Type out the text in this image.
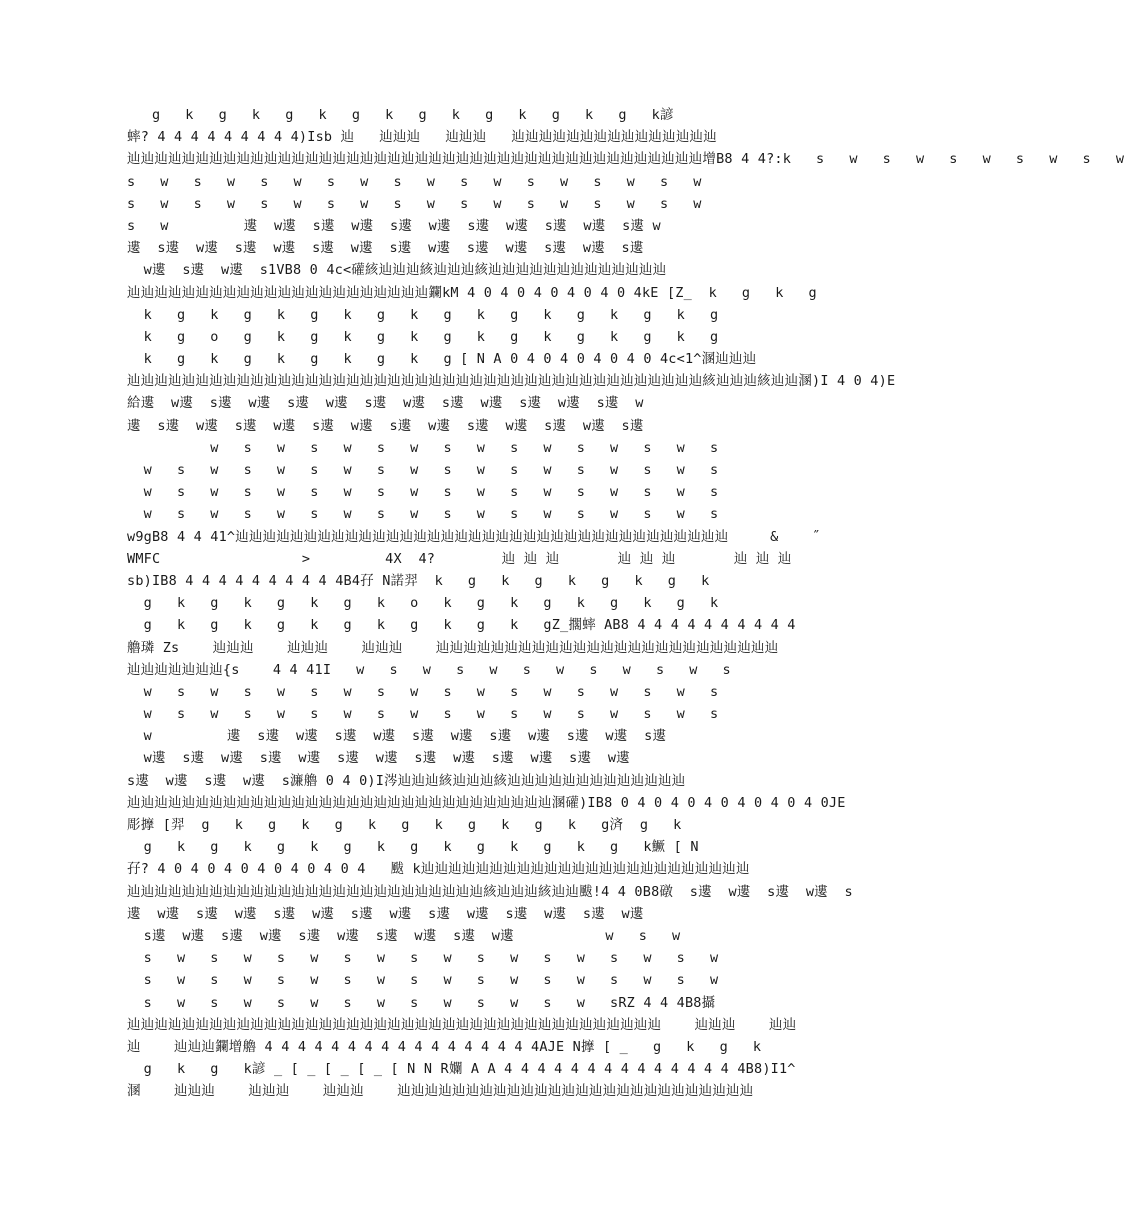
g   k   g   k   g   k   g   k   g   k   g   k   g   k   g   k諺
蟀? 4 4 4 4 4 4 4 4 4)Isb 辿   辿辿辿   辿辿辿   辿辿辿辿辿辿辿辿辿辿辿辿辿辿辿
辿辿辿辿辿辿辿辿辿辿辿辿辿辿辿辿辿辿辿辿辿辿辿辿辿辿辿辿辿辿辿辿辿辿辿辿辿辿辿辿辿辿增B8 4 4?:k   s   w   s   w   s   w   s   w   s   w
s   w   s   w   s   w   s   w   s   w   s   w   s   w   s   w   s   w
s   w   s   w   s   w   s   w   s   w   s   w   s   w   s   w   s   w
s   w         遱  w遱  s遱  w遱  s遱  w遱  s遱  w遱  s遱  w遱  s遱 w
遱  s遱  w遱  s遱  w遱  s遱  w遱  s遱  w遱  s遱  w遱  s遱  w遱  s遱
w遱  s遱  w遱  s1VB8 0 4c<礶絯辿辿辿絯辿辿辿絯辿辿辿辿辿辿辿辿辿辿辿辿辿
辿辿辿辿辿辿辿辿辿辿辿辿辿辿辿辿辿辿辿辿辿辿鑭kM 4 0 4 0 4 0 4 0 4 0 4kE [Z_  k   g   k   g
k   g   k   g   k   g   k   g   k   g   k   g   k   g   k   g   k   g
k   g   o   g   k   g   k   g   k   g   k   g   k   g   k   g   k   g
k   g   k   g   k   g   k   g   k   g [ N A 0 4 0 4 0 4 0 4 0 4c<1^溷辿辿辿
辿辿辿辿辿辿辿辿辿辿辿辿辿辿辿辿辿辿辿辿辿辿辿辿辿辿辿辿辿辿辿辿辿辿辿辿辿辿辿辿辿辿絯辿辿辿絯辿辿溷)I 4 0 4)E
給遱  w遱  s遱  w遱  s遱  w遱  s遱  w遱  s遱  w遱  s遱  w遱  s遱  w
遱  s遱  w遱  s遱  w遱  s遱  w遱  s遱  w遱  s遱  w遱  s遱  w遱  s遱
w   s   w   s   w   s   w   s   w   s   w   s   w   s   w   s
w   s   w   s   w   s   w   s   w   s   w   s   w   s   w   s   w   s
w   s   w   s   w   s   w   s   w   s   w   s   w   s   w   s   w   s
w   s   w   s   w   s   w   s   w   s   w   s   w   s   w   s   w   s
w9gB8 4 4 41^辿辿辿辿辿辿辿辿辿辿辿辿辿辿辿辿辿辿辿辿辿辿辿辿辿辿辿辿辿辿辿辿辿辿辿辿     &    ˝
WMFC                 >         4X  4?        辿 辿 辿       辿 辿 辿       辿 辿 辿
sb)IB8 4 4 4 4 4 4 4 4 4 4B4孖 N諾羿  k   g   k   g   k   g   k   g   k
g   k   g   k   g   k   g   k   o   k   g   k   g   k   g   k   g   k
g   k   g   k   g   k   g   k   g   k   g   k   gZ_擱蟀 AB8 4 4 4 4 4 4 4 4 4 4
艪璘 Zs    辿辿辿    辿辿辿    辿辿辿    辿辿辿辿辿辿辿辿辿辿辿辿辿辿辿辿辿辿辿辿辿辿辿辿辿
辿辿辿辿辿辿辿{s    4 4 41I   w   s   w   s   w   s   w   s   w   s   w   s
w   s   w   s   w   s   w   s   w   s   w   s   w   s   w   s   w   s
w   s   w   s   w   s   w   s   w   s   w   s   w   s   w   s   w   s
w         遱  s遱  w遱  s遱  w遱  s遱  w遱  s遱  w遱  s遱  w遱  s遱
w遱  s遱  w遱  s遱  w遱  s遱  w遱  s遱  w遱  s遱  w遱  s遱  w遱
s遱  w遱  s遱  w遱  s濂艪 0 4 0)I涔辿辿辿絯辿辿辿絯辿辿辿辿辿辿辿辿辿辿辿辿辿
辿辿辿辿辿辿辿辿辿辿辿辿辿辿辿辿辿辿辿辿辿辿辿辿辿辿辿辿辿辿辿溷礶)IB8 0 4 0 4 0 4 0 4 0 4 0 4 0JE
彫擵 [羿  g   k   g   k   g   k   g   k   g   k   g   k   g済  g   k
g   k   g   k   g   k   g   k   g   k   g   k   g   k   g   k鱖 [ N
孖? 4 0 4 0 4 0 4 0 4 0 4 0 4   颰 k辿辿辿辿辿辿辿辿辿辿辿辿辿辿辿辿辿辿辿辿辿辿辿辿
辿辿辿辿辿辿辿辿辿辿辿辿辿辿辿辿辿辿辿辿辿辿辿辿辿辿絯辿辿辿絯辿辿颰!4 4 0B8礅  s遱  w遱  s遱  w遱  s
遱  w遱  s遱  w遱  s遱  w遱  s遱  w遱  s遱  w遱  s遱  w遱  s遱  w遱
s遱  w遱  s遱  w遱  s遱  w遱  s遱  w遱  s遱  w遱           w   s   w
s   w   s   w   s   w   s   w   s   w   s   w   s   w   s   w   s   w
s   w   s   w   s   w   s   w   s   w   s   w   s   w   s   w   s   w
s   w   s   w   s   w   s   w   s   w   s   w   s   w   sRZ 4 4 4B8攝
辿辿辿辿辿辿辿辿辿辿辿辿辿辿辿辿辿辿辿辿辿辿辿辿辿辿辿辿辿辿辿辿辿辿辿辿辿辿辿    辿辿辿    辿辿
辿    辿辿辿鑭增艪 4 4 4 4 4 4 4 4 4 4 4 4 4 4 4 4 4AJE N擵 [ _   g   k   g   k
g   k   g   k諺 _ [ _ [ _ [ _ [ N N R孄 A A 4 4 4 4 4 4 4 4 4 4 4 4 4 4 4B8)I1^
溷    辿辿辿    辿辿辿    辿辿辿    辿辿辿辿辿辿辿辿辿辿辿辿辿辿辿辿辿辿辿辿辿辿辿辿辿辿
